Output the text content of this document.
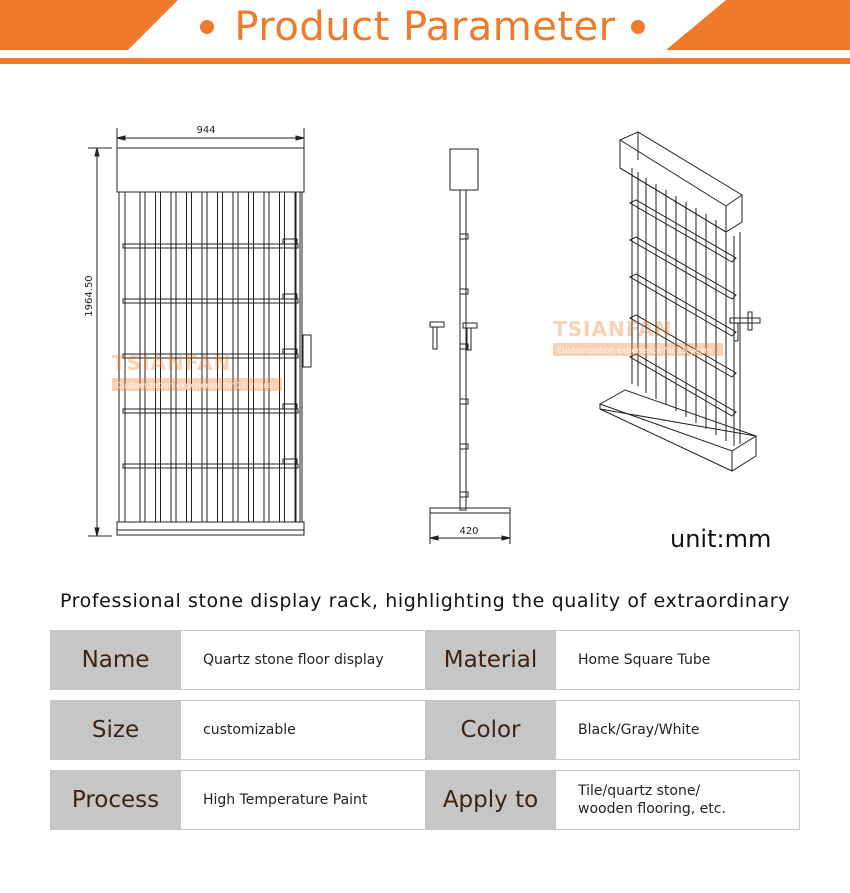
Product Parameter
944
1964.50
420
TSIANFAN
Customization experience for 15 years
TSIANFAN
Customization experience for 15 years
unit:mm
Professional stone display rack, highlighting the quality of extraordinary
Name	Quartz stone floor display	Material	Home Square Tube
Size	customizable	Color	Black/Gray/White
Process	High Temperature Paint	Apply to	Tile/quartz stone/
wooden flooring, etc.
